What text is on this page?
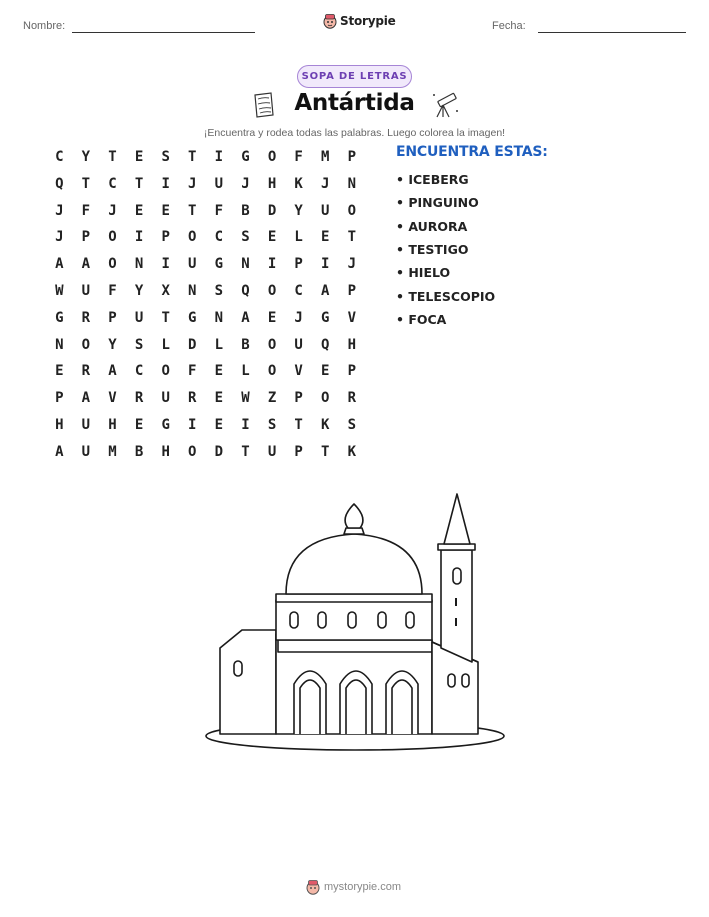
Nombre:	Storypie	Fecha:
SOPA DE LETRAS
Antártida
¡Encuentra y rodea todas las palabras. Luego colorea la imagen!
C	Y	T	E	S	T	I	G	O	F	M	P
Q	T	C	T	I	J	U	J	H	K	J	N
J	F	J	E	E	T	F	B	D	Y	U	O
J	P	O	I	P	O	C	S	E	L	E	T
A	A	O	N	I	U	G	N	I	P	I	J
W	U	F	Y	X	N	S	Q	O	C	A	P
G	R	P	U	T	G	N	A	E	J	G	V
N	O	Y	S	L	D	L	B	O	U	Q	H
E	R	A	C	O	F	E	L	O	V	E	P
P	A	V	R	U	R	E	W	Z	P	O	R
H	U	H	E	G	I	E	I	S	T	K	S
A	U	M	B	H	O	D	T	U	P	T	K
ENCUENTRA ESTAS:
• ICEBERG
• PINGUINO
• AURORA
• TESTIGO
• HIELO
• TELESCOPIO
• FOCA
mystorypie.com
